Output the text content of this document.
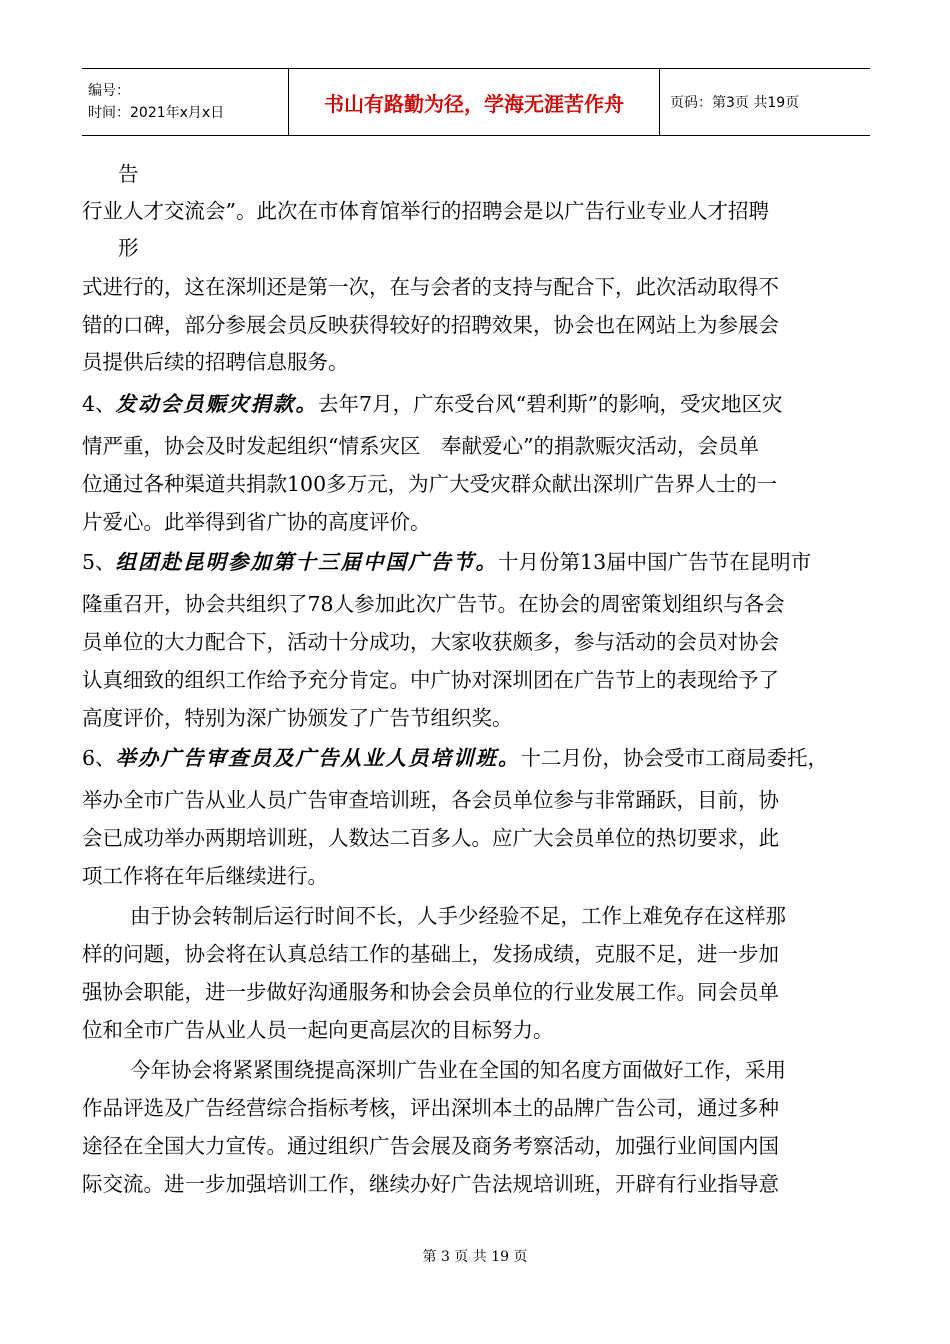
编号：
时间：2021年x月x日	书山有路勤为径，学海无涯苦作舟	页码：第3页 共19页
告
行业人才交流会”。此次在市体育馆举行的招聘会是以广告行业专业人才招聘
形
式进行的，这在深圳还是第一次，在与会者的支持与配合下，此次活动取得不
错的口碑，部分参展会员反映获得较好的招聘效果，协会也在网站上为参展会
员提供后续的招聘信息服务。
4、发动会员赈灾捐款。去年7月，广东受台风“碧利斯”的影响，受灾地区灾
情严重，协会及时发起组织“情系灾区　奉献爱心”的捐款赈灾活动，会员单
位通过各种渠道共捐款100多万元，为广大受灾群众献出深圳广告界人士的一
片爱心。此举得到省广协的高度评价。
5、组团赴昆明参加第十三届中国广告节。十月份第13届中国广告节在昆明市
隆重召开，协会共组织了78人参加此次广告节。在协会的周密策划组织与各会
员单位的大力配合下，活动十分成功，大家收获颇多，参与活动的会员对协会
认真细致的组织工作给予充分肯定。中广协对深圳团在广告节上的表现给予了
高度评价，特别为深广协颁发了广告节组织奖。
6、举办广告审查员及广告从业人员培训班。十二月份，协会受市工商局委托，
举办全市广告从业人员广告审查培训班，各会员单位参与非常踊跃，目前，协
会已成功举办两期培训班，人数达二百多人。应广大会员单位的热切要求，此
项工作将在年后继续进行。
由于协会转制后运行时间不长，人手少经验不足，工作上难免存在这样那
样的问题，协会将在认真总结工作的基础上，发扬成绩，克服不足，进一步加
强协会职能，进一步做好沟通服务和协会会员单位的行业发展工作。同会员单
位和全市广告从业人员一起向更高层次的目标努力。
今年协会将紧紧围绕提高深圳广告业在全国的知名度方面做好工作，采用
作品评选及广告经营综合指标考核，评出深圳本土的品牌广告公司，通过多种
途径在全国大力宣传。通过组织广告会展及商务考察活动，加强行业间国内国
际交流。进一步加强培训工作，继续办好广告法规培训班，开辟有行业指导意
第 3 页 共 19 页
